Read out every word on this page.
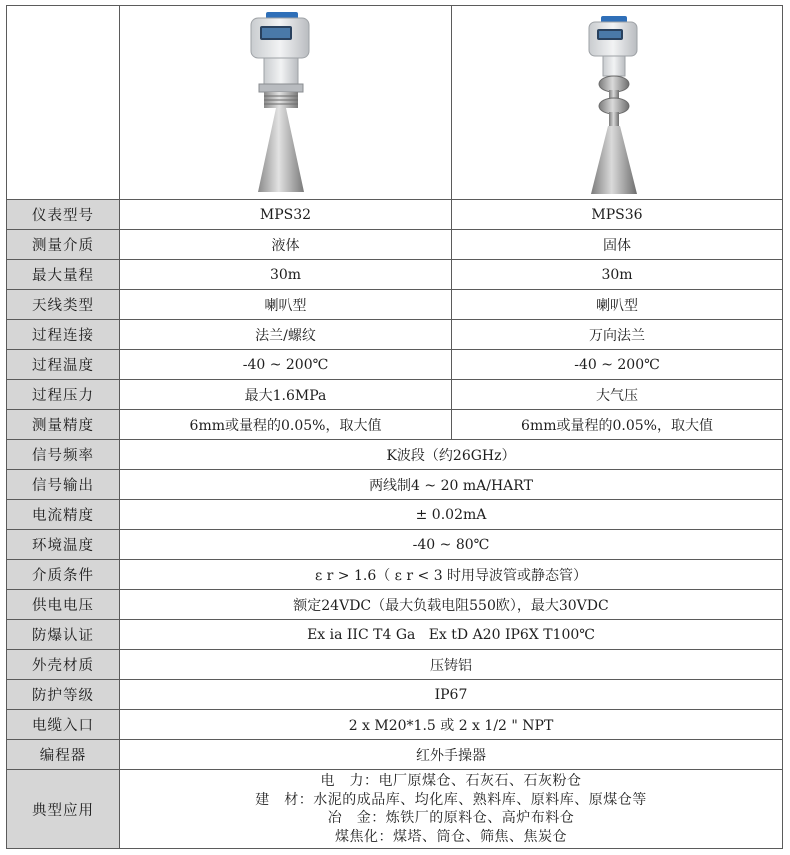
仪表型号	MPS32	MPS36
测量介质	液体	固体
最大量程	30m	30m
天线类型	喇叭型	喇叭型
过程连接	法兰/螺纹	万向法兰
过程温度	-40 ~ 200℃	-40 ~ 200℃
过程压力	最大1.6MPa	大气压
测量精度	6mm或量程的0.05%，取大值	6mm或量程的0.05%，取大值
信号频率	K波段（约26GHz）	
信号输出	两线制4 ~ 20 mA/HART	
电流精度	± 0.02mA	
环境温度	-40 ~ 80℃	
介质条件	ε r > 1.6（ ε r < 3 时用导波管或静态管）	
供电电压	额定24VDC（最大负载电阻550欧），最大30VDC	
防爆认证	Ex ia IIC T4 Ga   Ex tD A20 IP6X T100℃	
外壳材质	压铸铝	
防护等级	IP67	
电缆入口	2 x M20*1.5 或 2 x 1/2 " NPT	
编程器	红外手操器	
典型应用	电　力：电厂原煤仓、石灰石、石灰粉仓
建　材：水泥的成品库、均化库、熟料库、原料库、原煤仓等
冶　金：炼铁厂的原料仓、高炉布料仓
煤焦化：煤塔、筒仓、筛焦、焦炭仓	
